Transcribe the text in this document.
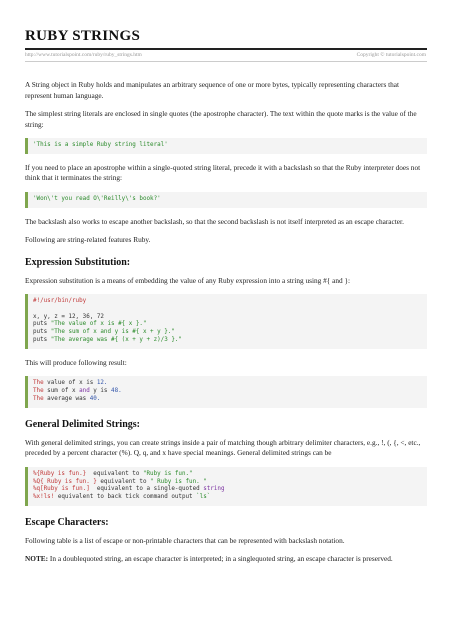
RUBY STRINGS
http://www.tutorialspoint.com/ruby/ruby_strings.htm	Copyright © tutorialspoint.com

A String object in Ruby holds and manipulates an arbitrary sequence of one or more bytes, typically representing characters that represent human language.

The simplest string literals are enclosed in single quotes (the apostrophe character). The text within the quote marks is the value of the string:

'This is a simple Ruby string literal'

If you need to place an apostrophe within a single-quoted string literal, precede it with a backslash so that the Ruby interpreter does not think that it terminates the string:

'Won\'t you read O\'Reilly\'s book?'

The backslash also works to escape another backslash, so that the second backslash is not itself interpreted as an escape character.

Following are string-related features Ruby.

Expression Substitution:

Expression substitution is a means of embedding the value of any Ruby expression into a string using #{ and }:

#!/usr/bin/ruby

x, y, z = 12, 36, 72
puts "The value of x is #{ x }."
puts "The sum of x and y is #{ x + y }."
puts "The average was #{ (x + y + z)/3 }."

This will produce following result:

The value of x is 12.
The sum of x and y is 48.
The average was 40.
General Delimited Strings:

With general delimited strings, you can create strings inside a pair of matching though arbitrary delimiter characters, e.g., !, (, {, <, etc., preceded by a percent character (%). Q, q, and x have special meanings. General delimited strings can be

%{Ruby is fun.}  equivalent to "Ruby is fun."
%Q{ Ruby is fun. } equivalent to " Ruby is fun. "
%q[Ruby is fun.]  equivalent to a single-quoted string
%x!ls! equivalent to back tick command output `ls`
Escape Characters:

Following table is a list of escape or non-printable characters that can be represented with backslash notation.

NOTE: In a doublequoted string, an escape character is interpreted; in a singlequoted string, an escape character is preserved.
